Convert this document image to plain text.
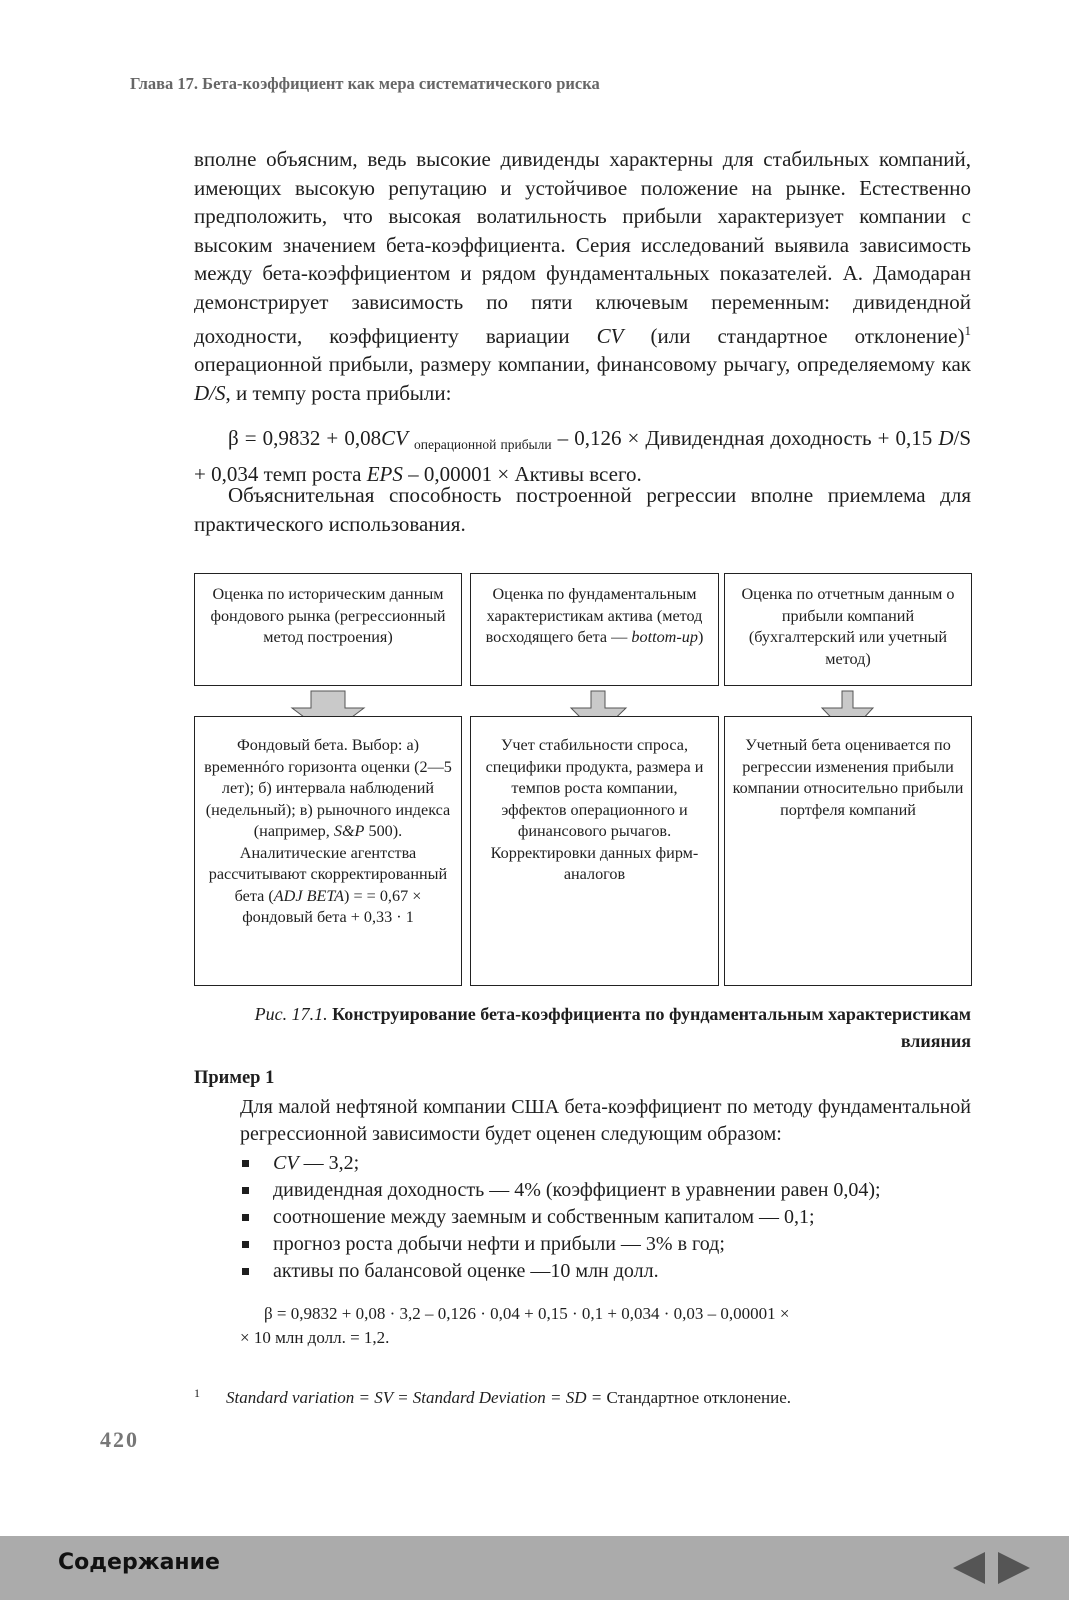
Глава 17. Бета-коэффициент как мера систематического риска

вполне объясним, ведь высокие дивиденды характерны для стабильных компаний, имеющих высокую репутацию и устойчивое положение на рынке. Естественно предположить, что высокая волатильность прибыли характеризует компании с высоким значением бета-коэффициента. Серия исследований выявила зависимость между бета-коэффициентом и рядом фундаментальных показателей. А. Дамодаран демонстрирует зависимость по пяти ключевым переменным: дивидендной доходности, коэффициенту вариации CV (или стандартное отклонение)$^1$ операционной прибыли, размеру компании, финансовому рычагу, определяемому как D/S, и темпу роста прибыли:

β = 0,9832 + 0,08CV $_{операционной прибыли}$ – 0,126 × Дивидендная доходность + 0,15 D/S + 0,034 темп роста EPS – 0,00001 × Активы всего.

Объяснительная способность построенной регрессии вполне приемлема для практического использования.

Оценка по историческим данным фондового рынка (регрессионный метод построения)
Оценка по фундаментальным характеристикам актива (метод восходящего бета — bottom-up)
Оценка по отчетным данным о прибыли компаний (бухгалтерский или учетный метод)
Фондовый бета. Выбор: а) временнóго горизонта оценки (2—5 лет); б) интервала наблюдений (недельный); в) рыночного индекса (например, S&P 500). Аналитические агентства рассчитывают скорректированный бета (ADJ BETA) = = 0,67 × фондовый бета + 0,33 · 1
Учет стабильности спроса, специфики продукта, размера и темпов роста компании, эффектов операционного и финансового рычагов. Корректировки данных фирм-аналогов
Учетный бета оценивается по регрессии изменения прибыли компании относительно прибыли портфеля компаний
Рис. 17.1. Конструирование бета-коэффициента по фундаментальным характеристикам влияния
Пример 1

Для малой нефтяной компании США бета-коэффициент по методу фундаментальной регрессионной зависимости будет оценен следующим образом:

CV — 3,2;
дивидендная доходность — 4% (коэффициент в уравнении равен 0,04);
соотношение между заемным и собственным капиталом — 0,1;
прогноз роста добычи нефти и прибыли — 3% в год;
активы по балансовой оценке —10 млн долл.
β = 0,9832 + 0,08 · 3,2 – 0,126 · 0,04 + 0,15 · 0,1 + 0,034 · 0,03 – 0,00001 ×
× 10 млн долл. = 1,2.
1 Standard variation = SV = Standard Deviation = SD = Стандартное отклонение.
420
Содержание
